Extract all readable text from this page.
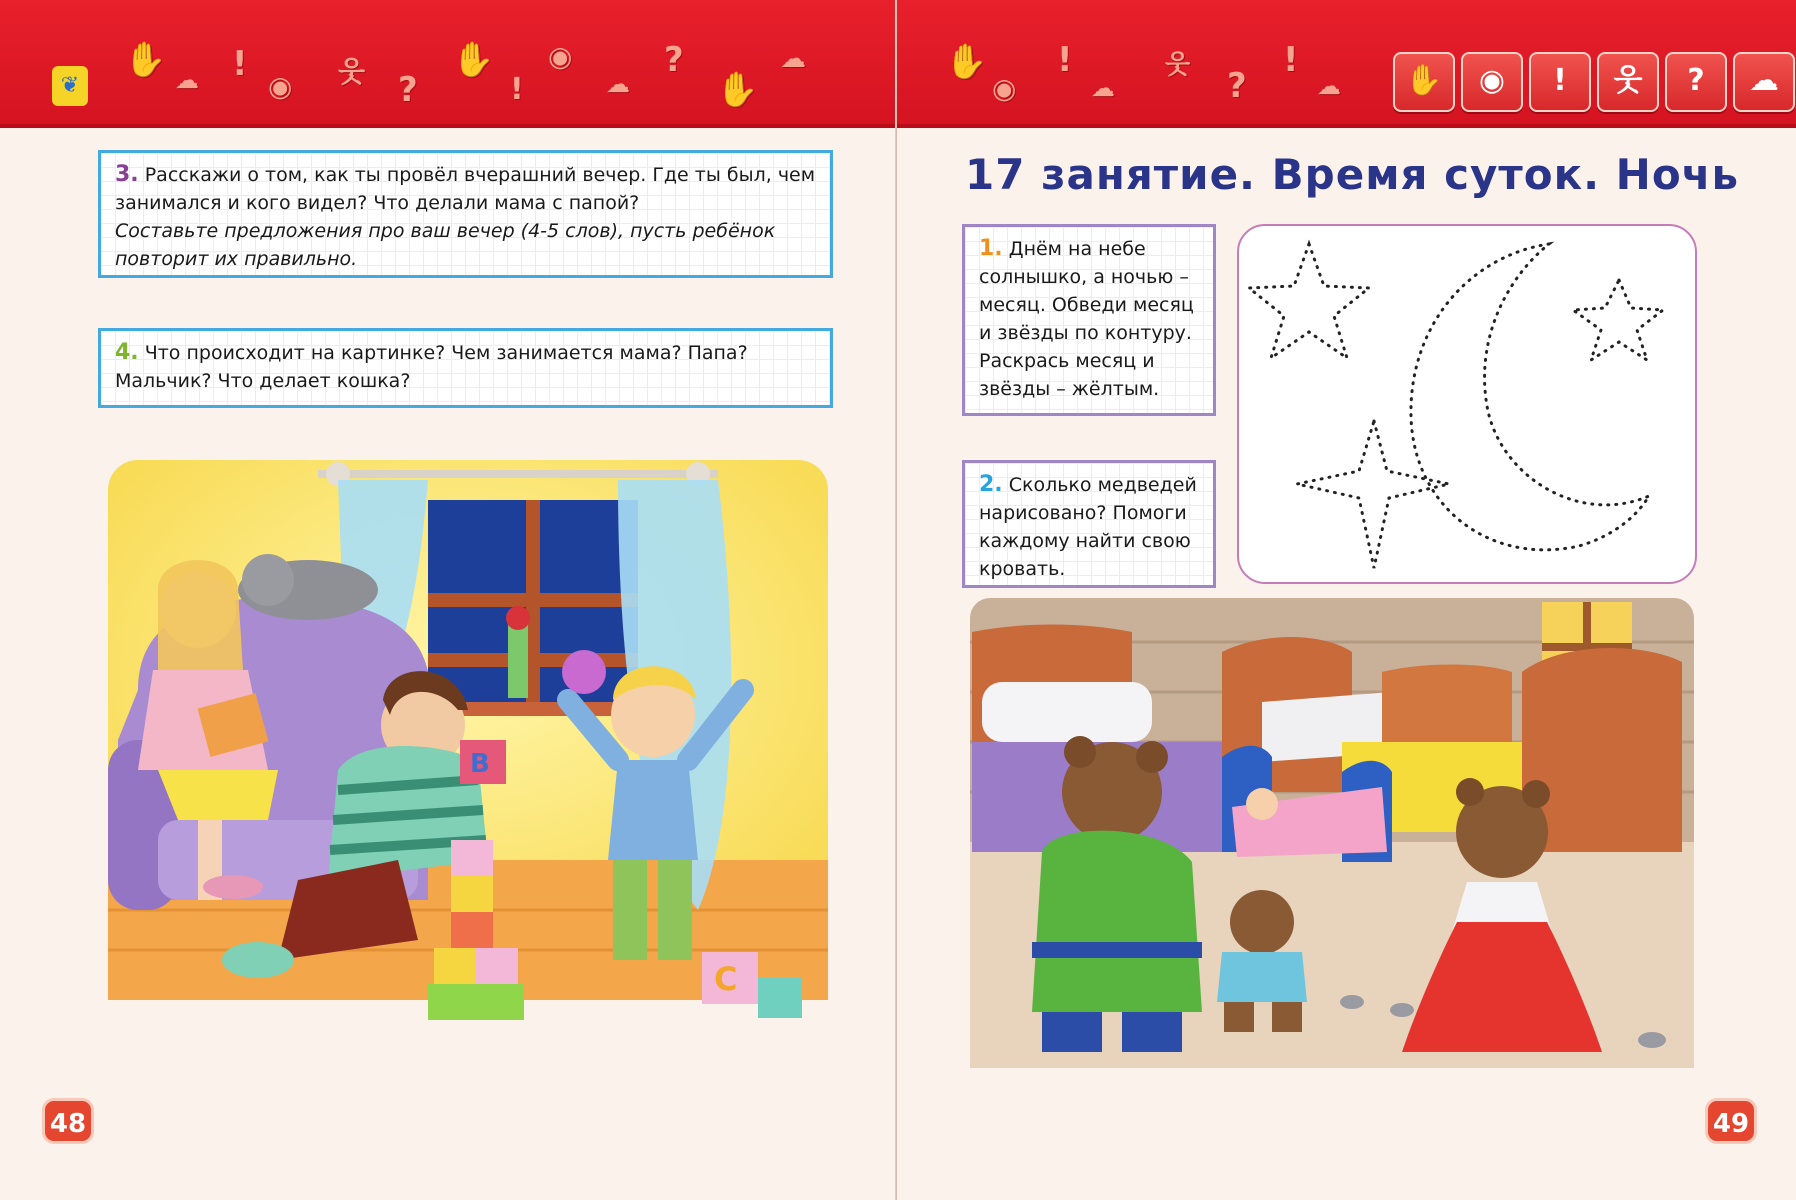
❦
✋ ☁ !
◉ 웃 ?
✋
!
◉
☁
?
✋
☁
3. Расскажи о том, как ты провёл вчерашний вечер. Где ты был, чем занимался и кого видел? Что делали мама с папой?
Составьте предложения про ваш вечер (4-5 слов), пусть ребёнок повторит их правильно.
4. Что происходит на картинке? Чем занимается мама? Папа? Мальчик? Что делает кошка?
B
C
48
✋
◉
!
☁
웃
?
!
☁	✋	◉	!	웃	?	☁
17 занятие. Время суток. Ночь
1. Днём на небе солнышко, а ночью – месяц. Обведи месяц и звёзды по контуру. Раскрась месяц и звёзды – жёлтым.
2. Сколько медведей нарисовано? Помоги каждому найти свою кровать.
49
